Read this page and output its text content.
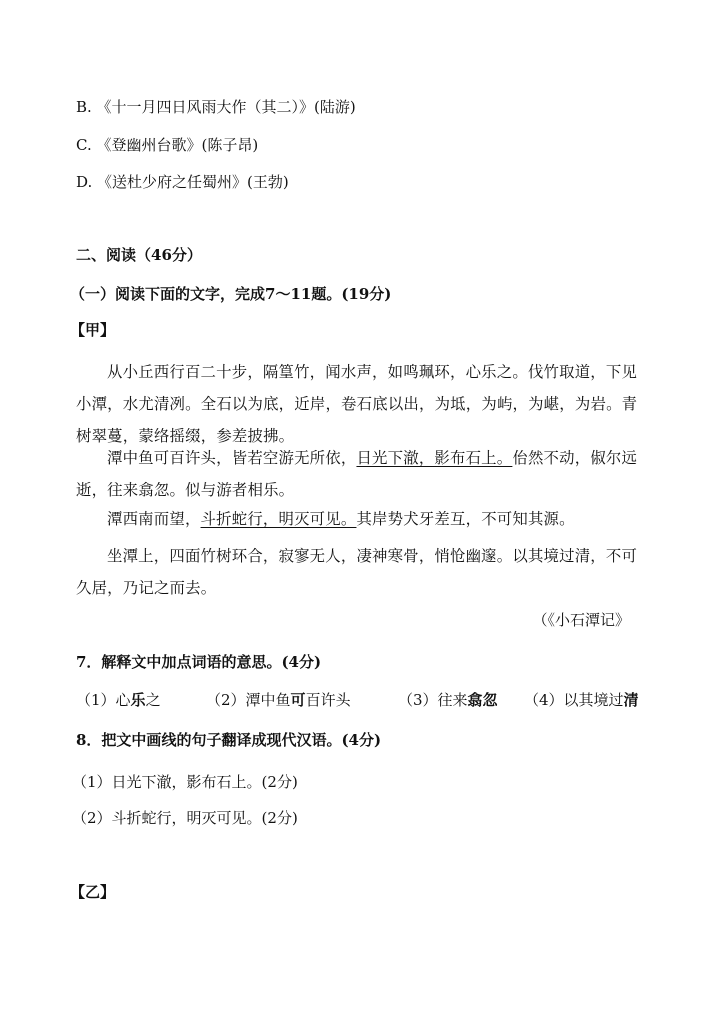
B. 《十一月四日风雨大作（其二）》(陆游)
C. 《登幽州台歌》(陈子昂)
D. 《送杜少府之任蜀州》(王勃)
二、阅读（46分）
（一）阅读下面的文字，完成7～11题。(19分)
【甲】
从小丘西行百二十步，隔篁竹，闻水声，如鸣珮环，心乐之。伐竹取道，下见小潭，水尤清冽。全石以为底，近岸，卷石底以出，为坻，为屿，为嵁，为岩。青树翠蔓，蒙络摇缀，参差披拂。
潭中鱼可百许头，皆若空游无所依，日光下澈，影布石上。佁然不动，俶尔远逝，往来翕忽。似与游者相乐。
潭西南而望，斗折蛇行，明灭可见。其岸势犬牙差互，不可知其源。
坐潭上，四面竹树环合，寂寥无人，凄神寒骨，悄怆幽邃。以其境过清，不可久居，乃记之而去。
（《小石潭记》
7．解释文中加点词语的意思。(4分)
（1）心乐之	（2）潭中鱼可百许头	（3）往来翕忽 （4）以其境过清
8．把文中画线的句子翻译成现代汉语。(4分)
（1）日光下澈，影布石上。(2分)
（2）斗折蛇行，明灭可见。(2分)
【乙】
